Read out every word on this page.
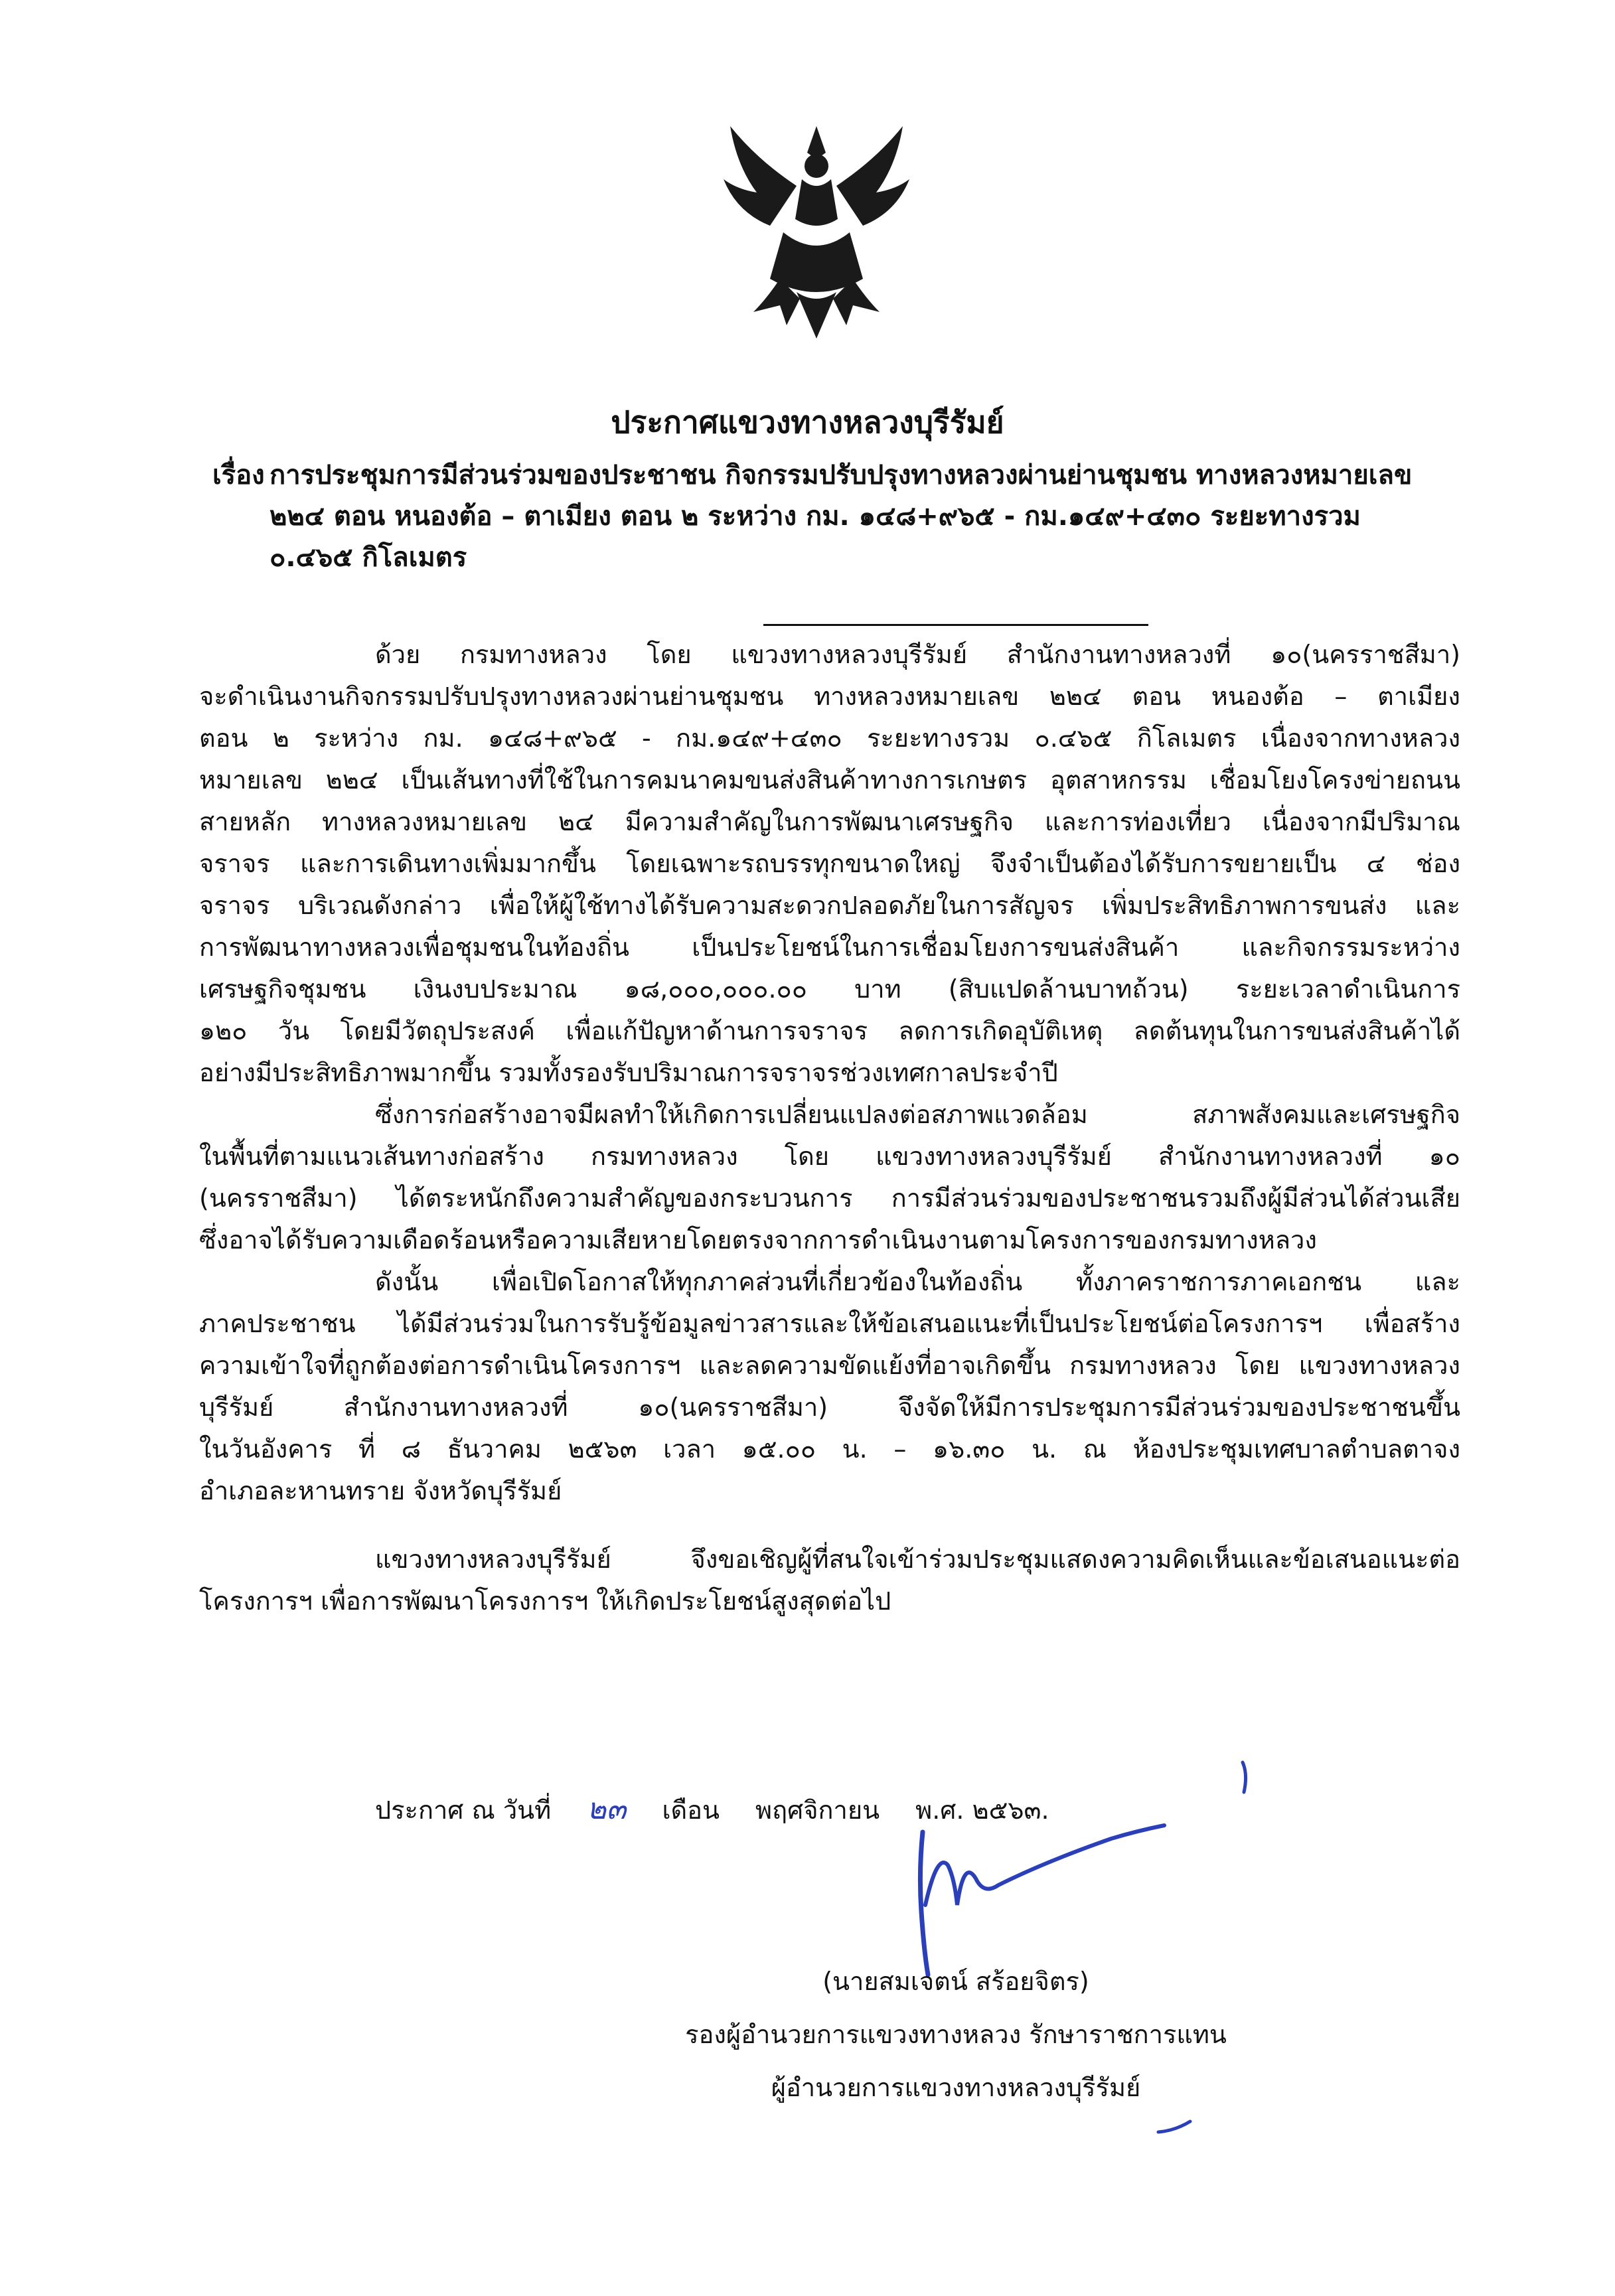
ประกาศแขวงทางหลวงบุรีรัมย์
เรื่อง การประชุมการมีส่วนร่วมของประชาชน กิจกรรมปรับปรุงทางหลวงผ่านย่านชุมชน ทางหลวงหมายเลข
๒๒๔ ตอน หนองต้อ – ตาเมียง ตอน ๒ ระหว่าง กม. ๑๔๘+๙๖๕ - กม.๑๔๙+๔๓๐ ระยะทางรวม
๐.๔๖๕ กิโลเมตร
ด้วย กรมทางหลวง โดย แขวงทางหลวงบุรีรัมย์ สำนักงานทางหลวงที่ ๑๐(นครราชสีมา)
จะดำเนินงานกิจกรรมปรับปรุงทางหลวงผ่านย่านชุมชน ทางหลวงหมายเลข ๒๒๔ ตอน หนองต้อ – ตาเมียง
ตอน ๒ ระหว่าง กม. ๑๔๘+๙๖๕ - กม.๑๔๙+๔๓๐ ระยะทางรวม ๐.๔๖๕ กิโลเมตร เนื่องจากทางหลวง
หมายเลข ๒๒๔ เป็นเส้นทางที่ใช้ในการคมนาคมขนส่งสินค้าทางการเกษตร อุตสาหกรรม เชื่อมโยงโครงข่ายถนน
สายหลัก ทางหลวงหมายเลข ๒๔ มีความสำคัญในการพัฒนาเศรษฐกิจ และการท่องเที่ยว เนื่องจากมีปริมาณ
จราจร และการเดินทางเพิ่มมากขึ้น โดยเฉพาะรถบรรทุกขนาดใหญ่ จึงจำเป็นต้องได้รับการขยายเป็น ๔ ช่อง
จราจร บริเวณดังกล่าว เพื่อให้ผู้ใช้ทางได้รับความสะดวกปลอดภัยในการสัญจร เพิ่มประสิทธิภาพการขนส่ง และ
การพัฒนาทางหลวงเพื่อชุมชนในท้องถิ่น เป็นประโยชน์ในการเชื่อมโยงการขนส่งสินค้า และกิจกรรมระหว่าง
เศรษฐกิจชุมชน เงินงบประมาณ ๑๘,๐๐๐,๐๐๐.๐๐ บาท (สิบแปดล้านบาทถ้วน) ระยะเวลาดำเนินการ
๑๒๐ วัน โดยมีวัตถุประสงค์ เพื่อแก้ปัญหาด้านการจราจร ลดการเกิดอุบัติเหตุ ลดต้นทุนในการขนส่งสินค้าได้
อย่างมีประสิทธิภาพมากขึ้น รวมทั้งรองรับปริมาณการจราจรช่วงเทศกาลประจำปี
ซึ่งการก่อสร้างอาจมีผลทำให้เกิดการเปลี่ยนแปลงต่อสภาพแวดล้อม สภาพสังคมและเศรษฐกิจ
ในพื้นที่ตามแนวเส้นทางก่อสร้าง กรมทางหลวง โดย แขวงทางหลวงบุรีรัมย์ สำนักงานทางหลวงที่ ๑๐
(นครราชสีมา) ได้ตระหนักถึงความสำคัญของกระบวนการ การมีส่วนร่วมของประชาชนรวมถึงผู้มีส่วนได้ส่วนเสีย
ซึ่งอาจได้รับความเดือดร้อนหรือความเสียหายโดยตรงจากการดำเนินงานตามโครงการของกรมทางหลวง
ดังนั้น เพื่อเปิดโอกาสให้ทุกภาคส่วนที่เกี่ยวข้องในท้องถิ่น ทั้งภาคราชการภาคเอกชน และ
ภาคประชาชน ได้มีส่วนร่วมในการรับรู้ข้อมูลข่าวสารและให้ข้อเสนอแนะที่เป็นประโยชน์ต่อโครงการฯ เพื่อสร้าง
ความเข้าใจที่ถูกต้องต่อการดำเนินโครงการฯ และลดความขัดแย้งที่อาจเกิดขึ้น กรมทางหลวง โดย แขวงทางหลวง
บุรีรัมย์ สำนักงานทางหลวงที่ ๑๐(นครราชสีมา) จึงจัดให้มีการประชุมการมีส่วนร่วมของประชาชนขึ้น
ในวันอังคาร ที่ ๘ ธันวาคม ๒๕๖๓ เวลา ๑๕.๐๐ น. – ๑๖.๓๐ น. ณ ห้องประชุมเทศบาลตำบลตาจง
อำเภอละหานทราย จังหวัดบุรีรัมย์
แขวงทางหลวงบุรีรัมย์ จึงขอเชิญผู้ที่สนใจเข้าร่วมประชุมแสดงความคิดเห็นและข้อเสนอแนะต่อ
โครงการฯ เพื่อการพัฒนาโครงการฯ ให้เกิดประโยชน์สูงสุดต่อไป
ประกาศ ณ วันที่ ๒๓ เดือน พฤศจิกายน พ.ศ. ๒๕๖๓.
(นายสมเจตน์ สร้อยจิตร)
รองผู้อำนวยการแขวงทางหลวง รักษาราชการแทน
ผู้อำนวยการแขวงทางหลวงบุรีรัมย์
